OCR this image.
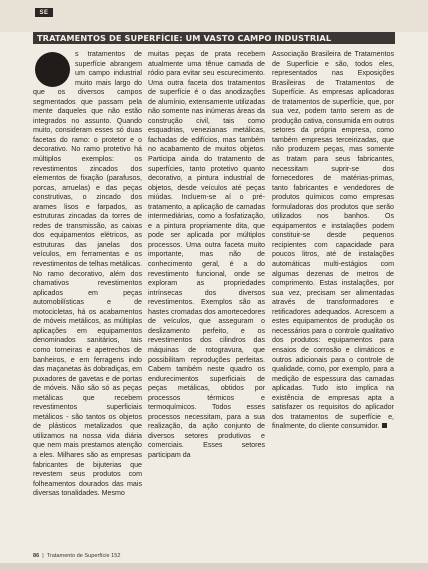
SE
TRATAMENTOS DE SUPERFÍCIE: UM VASTO CAMPO INDUSTRIAL
s tratamentos de superfície abrangem um campo industrial muito mais largo do que os diversos campos segmentados que passam pela mente daqueles que não estão integrados no assunto. Quando muito, consideram esses só duas facetas do ramo: o protetor e o decorativo. No ramo protetivo há múltiplos exemplos: os revestimentos zincados dos elementos de fixação (parafusos, porcas, arruelas) e das peças construtivas, o zincado dos arames lisos e farpados, as estruturas zincadas da torres de redes de transmissão, as caixas dos equipamentos elétricos, as estruturas das janelas dos veículos, em ferramentas e os revestimentos de telhas metálicas. No ramo decorativo, além dos chamativos revestimentos aplicados em peças automobilísticas e de motocicletas, há os acabamentos de móveis metálicos, as múltiplas aplicações em equipamentos denominados sanitários, tais como torneiras e apetrechos de banheiros, e em ferragens indo das maçanetas às dobradiças, em puxadores de gavetas e de portas de móveis. Não são só as peças metálicas que recebem revestimentos superficiais metálicos - são tantos os objetos de plásticos metalizados que utilizamos na nossa vida diária que nem mais prestamos atenção a eles. Milhares são as empresas fabricantes de bijuterias que revestem seus produtos com folheamentos dourados das mais diversas tonalidades. Mesmo
muitas peças de prata recebem atualmente uma tênue camada de ródio para evitar seu escurecimento. Uma outra faceta dos tratamentos de superfície é o das anodizações de alumínio, extensamente utilizadas não somente nas inúmeras áreas da construção civil, tais como esquadrias, venezianas metálicas, fachadas de edifícios, mas também no acabamento de muitos objetos. Participa ainda do tratamento de superfícies, tanto protetivo quanto decorativo, a pintura industrial de objetos, desde veículos até peças miúdas. Incluem-se aí o pré-tratamento, a aplicação de camadas intermediárias, como a fosfatização, e a pintura propriamente dita, que pode ser aplicada por múltiplos processos. Uma outra faceta muito importante, mas não de conhecimento geral, é a do revestimento funcional, onde se exploram as propriedades intrínsecas dos diversos revestimentos. Exemplos são as hastes cromadas dos amortecedores de veículos, que asseguram o deslizamento perfeito, e os revestimentos dos cilindros das máquinas de rotogravura, que possibilitam reproduções perfeitas. Cabem também neste quadro os endurecimentos superficiais de peças metálicas, obtidos por processos térmicos e termoquímicos. Todos esses processos necessitam, para a sua realização, da ação conjunto de diversos setores produtivos e comerciais. Esses setores participam da
Associação Brasileira de Tratamentos de Superfície e são, todos eles, representados nas Exposições Brasileiras de Tratamentos de Superfície. As empresas aplicadoras de tratamentos de superfície, que, por sua vez, podem tanto serem as de produção cativa, consumida em outros setores da própria empresa, como também empresas terceirizadas, que não produzem peças, mas somente as tratam para seus fabricantes, necessitam suprir-se dos fornecedores de matérias-primas, tanto fabricantes e vendedores de produtos químicos como empresas formuladoras dos produtos que serão utilizados nos banhos. Os equipamentos e instalações podem constituir-se desde pequenos recipientes com capacidade para poucos litros, até de instalações automáticas multi-estágios com algumas dezenas de metros de comprimento. Estas instalações, por sua vez, precisam ser alimentadas através de transformadores e retificadores adequados. Acrescem a estes equipamentos de produção os necessários para o controle qualitativo dos produtos: equipamentos para ensaios de corrosão e climáticos e outros adicionais para o controle de qualidade, como, por exemplo, para a medição de espessura das camadas aplicadas. Tudo isto implica na existência de empresas apta a satisfazer os requisitos do aplicador dos tratamentos de superfície e, finalmente, do cliente consumidor.
86 | Tratamento de Superfície 152
